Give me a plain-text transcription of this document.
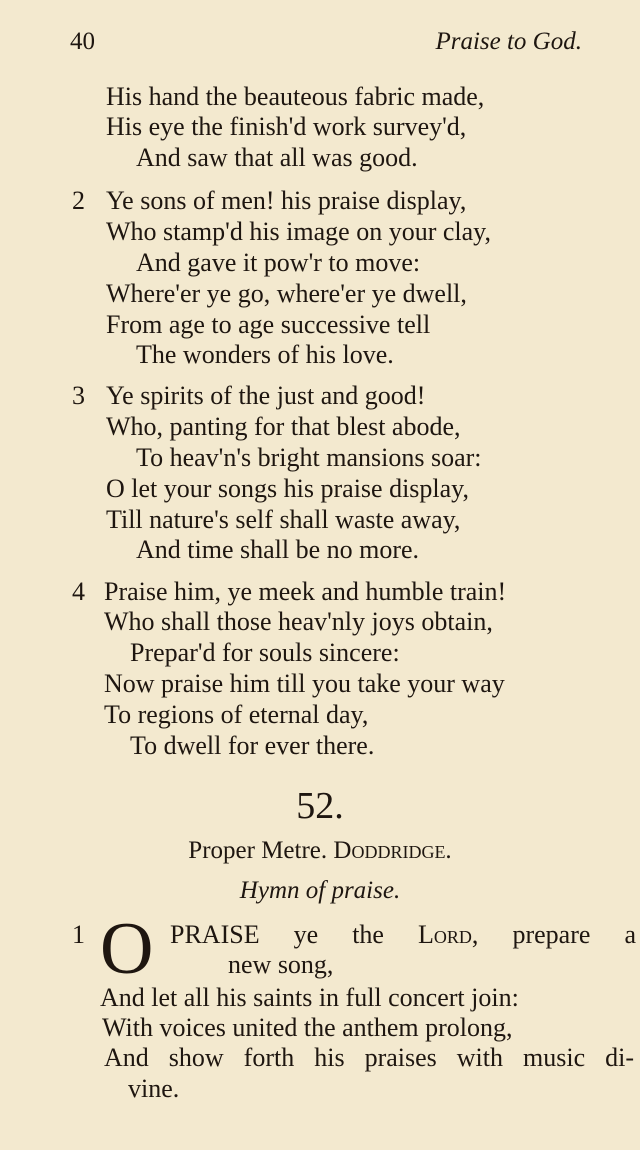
40	Praise to God.
His hand the beauteous fabric made,
His eye the finish'd work survey'd,
And saw that all was good.
2 Ye sons of men! his praise display,
Who stamp'd his image on your clay,
And gave it pow'r to move:
Where'er ye go, where'er ye dwell,
From age to age successive tell
The wonders of his love.
3 Ye spirits of the just and good!
Who, panting for that blest abode,
To heav'n's bright mansions soar:
O let your songs his praise display,
Till nature's self shall waste away,
And time shall be no more.
4 Praise him, ye meek and humble train!
Who shall those heav'nly joys obtain,
Prepar'd for souls sincere:
Now praise him till you take your way
To regions of eternal day,
To dwell for ever there.
52.
Proper Metre. Doddridge.
Hymn of praise.
1 O PRAISE ye the Lord, prepare a
new song,
And let all his saints in full concert join:
With voices united the anthem prolong,
And show forth his praises with music di-
vine.
